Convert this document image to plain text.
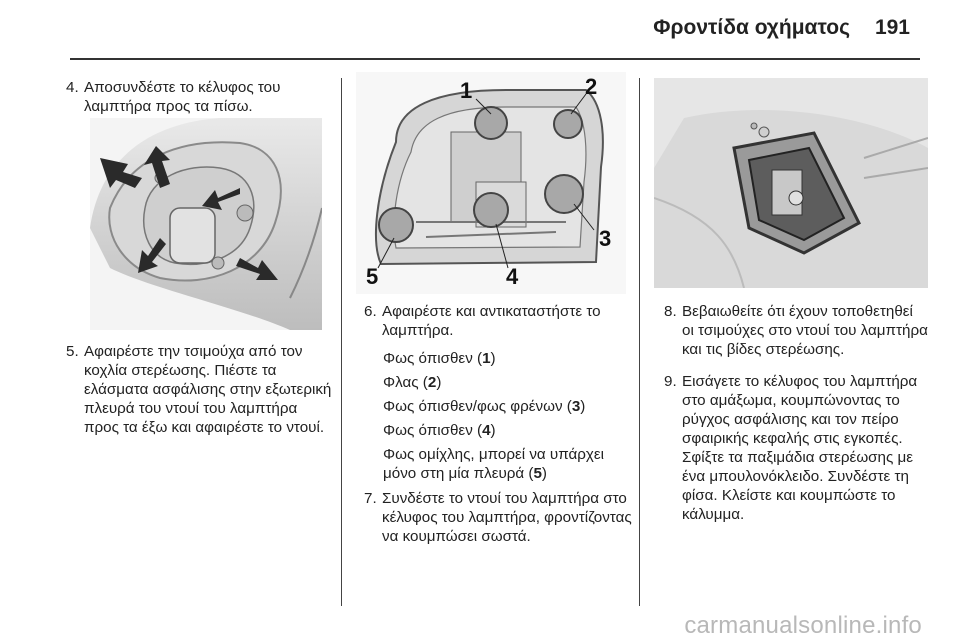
Φροντίδα οχήματος 191
4. Αποσυνδέστε το κέλυφος του λαμπτήρα προς τα πίσω.
5. Αφαιρέστε την τσιμούχα από τον κοχλία στερέωσης. Πιέστε τα ελάσματα ασφάλισης στην εξωτερική πλευρά του ντουί του λαμπτήρα προς τα έξω και αφαιρέστε το ντουί.
1	2
3
4
5
6. Αφαιρέστε και αντικαταστήστε το λαμπτήρα.
Φως όπισθεν (1)
Φλας (2)
Φως όπισθεν/φως φρένων (3)
Φως όπισθεν (4)
Φως ομίχλης, μπορεί να υπάρχει
μόνο στη μία πλευρά (5)
7. Συνδέστε το ντουί του λαμπτήρα στο κέλυφος του λαμπτήρα, φροντίζοντας να κουμπώσει σωστά.
8. Βεβαιωθείτε ότι έχουν τοποθετηθεί οι τσιμούχες στο ντουί του λαμπτήρα και τις βίδες στερέωσης.
9. Εισάγετε το κέλυφος του λαμπτήρα στο αμάξωμα, κουμπώνοντας το ρύγχος ασφάλισης και τον πείρο σφαιρικής κεφαλής στις εγκοπές. Σφίξτε τα παξιμάδια στερέωσης με ένα μπουλονόκλειδο. Συνδέστε τη φίσα. Κλείστε και κουμπώστε το κάλυμμα.
carmanualsonline.info
